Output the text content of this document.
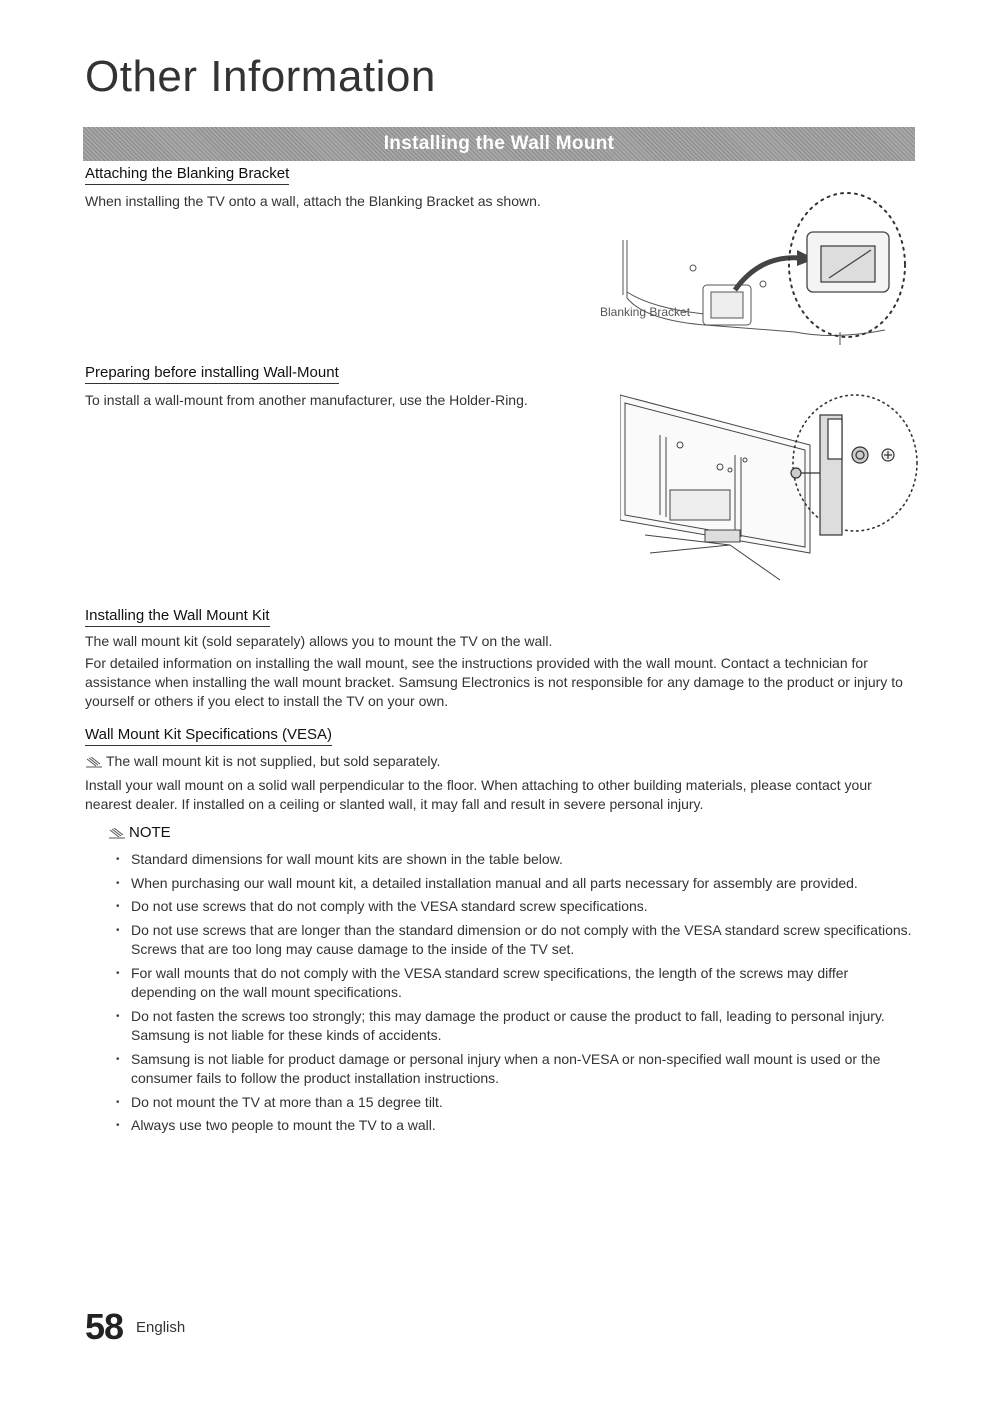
Other Information
Installing the Wall Mount
Attaching the Blanking Bracket
When installing the TV onto a wall, attach the Blanking Bracket as shown.
Blanking Bracket
Preparing before installing Wall-Mount
To install a wall-mount from another manufacturer, use the Holder-Ring.
Installing the Wall Mount Kit
The wall mount kit (sold separately) allows you to mount the TV on the wall.
For detailed information on installing the wall mount, see the instructions provided with the wall mount. Contact a technician for assistance when installing the wall mount bracket. Samsung Electronics is not responsible for any damage to the product or injury to yourself or others if you elect to install the TV on your own.
Wall Mount Kit Specifications (VESA)
The wall mount kit is not supplied, but sold separately.
Install your wall mount on a solid wall perpendicular to the floor. When attaching to other building materials, please contact your nearest dealer. If installed on a ceiling or slanted wall, it may fall and result in severe personal injury.
NOTE
• Standard dimensions for wall mount kits are shown in the table below.
• When purchasing our wall mount kit, a detailed installation manual and all parts necessary for assembly are provided.
• Do not use screws that do not comply with the VESA standard screw specifications.
• Do not use screws that are longer than the standard dimension or do not comply with the VESA standard screw specifications. Screws that are too long may cause damage to the inside of the TV set.
• For wall mounts that do not comply with the VESA standard screw specifications, the length of the screws may differ depending on the wall mount specifications.
• Do not fasten the screws too strongly; this may damage the product or cause the product to fall, leading to personal injury. Samsung is not liable for these kinds of accidents.
• Samsung is not liable for product damage or personal injury when a non-VESA or non-specified wall mount is used or the consumer fails to follow the product installation instructions.
• Do not mount the TV at more than a 15 degree tilt.
• Always use two people to mount the TV to a wall.
58 English
